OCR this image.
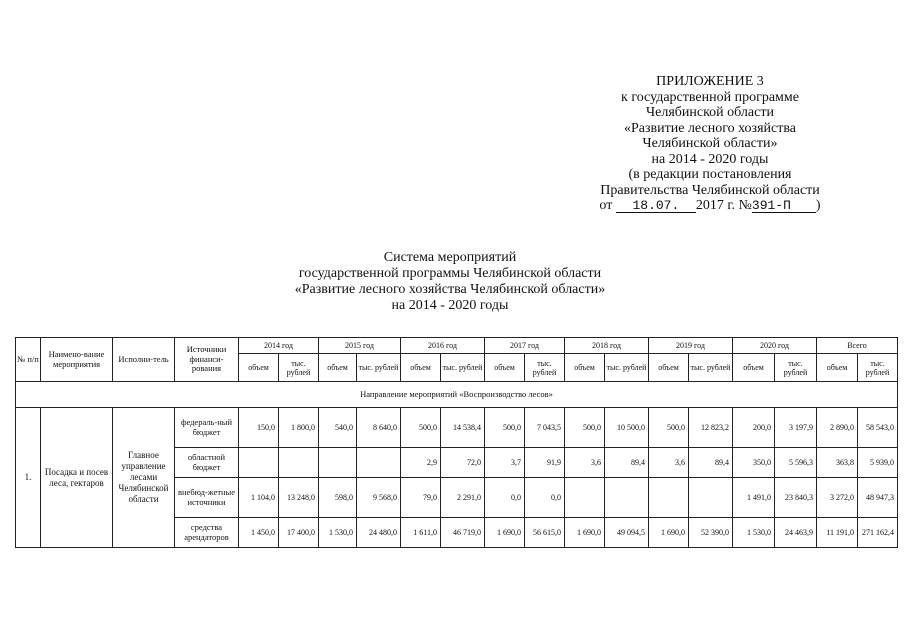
ПРИЛОЖЕНИЕ 3
к государственной программе
Челябинской области
«Развитие лесного хозяйства
Челябинской области»
на 2014 - 2020 годы
(в редакции постановления
Правительства Челябинской области
от 18.07. 2017 г. №391-П )
Система мероприятий
государственной программы Челябинской области
«Развитие лесного хозяйства Челябинской области»
на 2014 - 2020 годы
№ п/п	Наимено-вание мероприятия	Исполни-тель	Источники финанси-рования	2014 год		2015 год		2016 год		2017 год		2018 год		2019 год		2020 год		Всего	
				объем	тыс. рублей	объем	тыс. рублей	объем	тыс. рублей	объем	тыс. рублей	объем	тыс. рублей	объем	тыс. рублей	объем	тыс. рублей	объем	тыс. рублей
Направление мероприятий «Воспроизводство лесов»																			
1.	Посадка и посев леса, гектаров	Главное управление лесами Челябинской области	федераль-ный бюджет	150,0	1 800,0	540,0	8 640,0	500,0	14 538,4	500,0	7 043,5	500,0	10 500,0	500,0	12 823,2	200,0	3 197,9	2 890,0	58 543,0
			областной бюджет					2,9	72,0	3,7	91,9	3,6	89,4	3,6	89,4	350,0	5 596,3	363,8	5 939,0
			внебюд-жетные источники	1 104,0	13 248,0	598,0	9 568,0	79,0	2 291,0	0,0	0,0					1 491,0	23 840,3	3 272,0	48 947,3
			средства арендаторов	1 450,0	17 400,0	1 530,0	24 480,0	1 611,0	46 719,0	1 690,0	56 615,0	1 690,0	49 094,5	1 690,0	52 390,0	1 530,0	24 463,9	11 191,0	271 162,4
